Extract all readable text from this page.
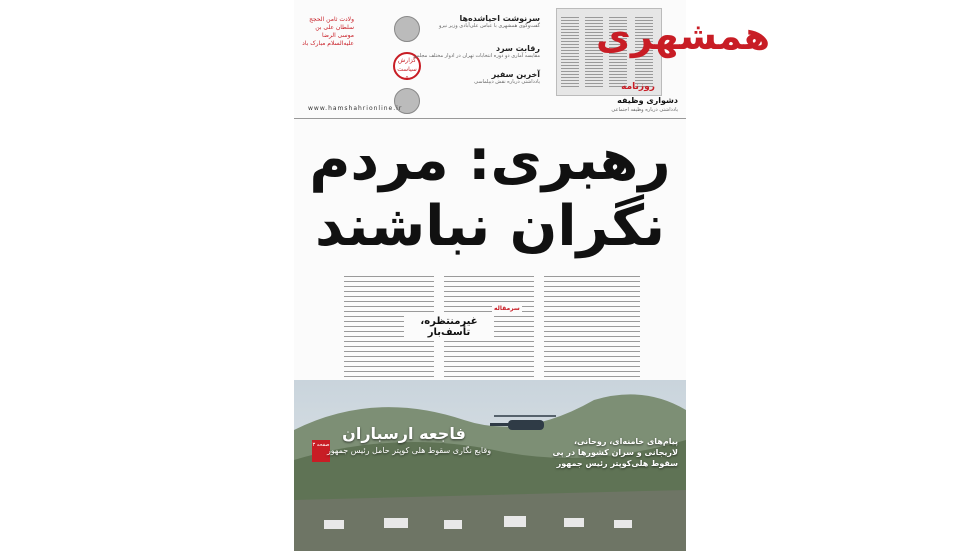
ولادت ثامن الحجج سلطان علی بن موسی الرضا علیه‌السلام مبارک باد
گزارش سیاست ۵
سرنوشت احیاشده‌ها
گفت‌وگوی همشهری با عباس علی‌آبادی وزیر نیرو
رقابت سرد
مقایسه آماری دو دوره انتخابات تهران در ادوار مختلف مجلس
آخرین سفیر
یادداشتی درباره نقش دیپلماسی
دشواری وظیفه
یادداشتی درباره وظیفه اجتماعی
همشهری
روزنامه
www.hamshahrionline.ir
رهبری: مردم
نگران نباشند
سرمقاله
غیرمنتظره، تأسف‌بار
صفحه ۳
فاجعه ارسباران
وقایع نگاری سقوط هلی کوپتر حامل رئیس جمهور
پیام‌های خامنه‌ای، روحانی، لاریجانی و سران کشورها در پی سقوط هلی‌کوپتر رئیس جمهور
